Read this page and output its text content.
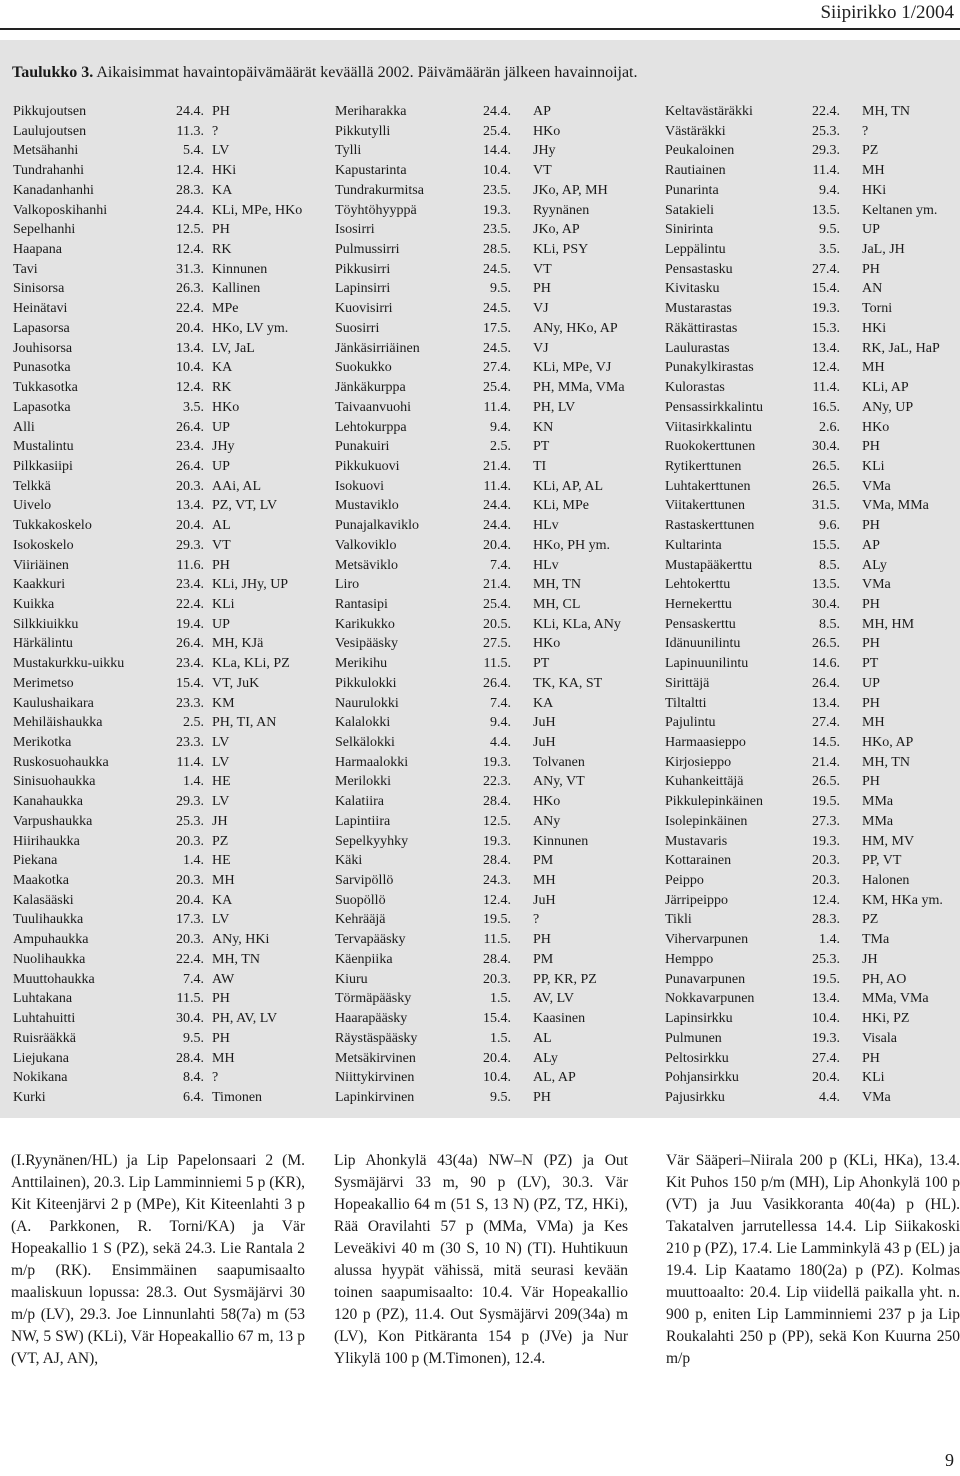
Siipirikko 1/2004
Taulukko 3. Aikaisimmat havaintopäivämäärät keväällä 2002. Päivämäärän jälkeen havainnoijat.
Pikkujoutsen	24.4. PH
Laulujoutsen	11.3. ?
Metsähanhi	5.4. LV
Tundrahanhi	12.4. HKi
Kanadanhanhi	28.3. KA
Valkoposkihanhi	24.4. KLi, MPe, HKo
Sepelhanhi	12.5. PH
Haapana	12.4. RK
Tavi	31.3. Kinnunen
Sinisorsa	26.3. Kallinen
Heinätavi	22.4. MPe
Lapasorsa	20.4. HKo, LV ym.
Jouhisorsa	13.4. LV, JaL
Punasotka	10.4. KA
Tukkasotka	12.4. RK
Lapasotka	3.5. HKo
Alli	26.4. UP
Mustalintu	23.4. JHy
Pilkkasiipi	26.4. UP
Telkkä	20.3. AAi, AL
Uivelo	13.4. PZ, VT, LV
Tukkakoskelo	20.4. AL
Isokoskelo	29.3. VT
Viiriäinen	11.6. PH
Kaakkuri	23.4. KLi, JHy, UP
Kuikka	22.4. KLi
Silkkiuikku	19.4. UP
Härkälintu	26.4. MH, KJä
Mustakurkku-uikku	23.4. KLa, KLi, PZ
Merimetso	15.4. VT, JuK
Kaulushaikara	23.3. KM
Mehiläishaukka	2.5. PH, TI, AN
Merikotka	23.3. LV
Ruskosuohaukka	11.4. LV
Sinisuohaukka	1.4. HE
Kanahaukka	29.3. LV
Varpushaukka	25.3. JH
Hiirihaukka	20.3. PZ
Piekana	1.4. HE
Maakotka	20.3. MH
Kalasääski	20.4. KA
Tuulihaukka	17.3. LV
Ampuhaukka	20.3. ANy, HKi
Nuolihaukka	22.4. MH, TN
Muuttohaukka	7.4. AW
Luhtakana	11.5. PH
Luhtahuitti	30.4. PH, AV, LV
Ruisrääkkä	9.5. PH
Liejukana	28.4. MH
Nokikana	8.4. ?
Kurki	6.4. Timonen
Meriharakka	24.4. AP
Pikkutylli	25.4. HKo
Tylli	14.4. JHy
Kapustarinta	10.4. VT
Tundrakurmitsa	23.5. JKo, AP, MH
Töyhtöhyyppä	19.3. Ryynänen
Isosirri	23.5. JKo, AP
Pulmussirri	28.5. KLi, PSY
Pikkusirri	24.5. VT
Lapinsirri	9.5. PH
Kuovisirri	24.5. VJ
Suosirri	17.5. ANy, HKo, AP
Jänkäsirriäinen	24.5. VJ
Suokukko	27.4. KLi, MPe, VJ
Jänkäkurppa	25.4. PH, MMa, VMa
Taivaanvuohi	11.4. PH, LV
Lehtokurppa	9.4. KN
Punakuiri	2.5. PT
Pikkukuovi	21.4. TI
Isokuovi	11.4. KLi, AP, AL
Mustaviklo	24.4. KLi, MPe
Punajalkaviklo	24.4. HLv
Valkoviklo	20.4. HKo, PH ym.
Metsäviklo	7.4. HLv
Liro	21.4. MH, TN
Rantasipi	25.4. MH, CL
Karikukko	20.5. KLi, KLa, ANy
Vesipääsky	27.5. HKo
Merikihu	11.5. PT
Pikkulokki	26.4. TK, KA, ST
Naurulokki	7.4. KA
Kalalokki	9.4. JuH
Selkälokki	4.4. JuH
Harmaalokki	19.3. Tolvanen
Merilokki	22.3. ANy, VT
Kalatiira	28.4. HKo
Lapintiira	12.5. ANy
Sepelkyyhky	19.3. Kinnunen
Käki	28.4. PM
Sarvipöllö	24.3. MH
Suopöllö	12.4. JuH
Kehrääjä	19.5. ?
Tervapääsky	11.5. PH
Käenpiika	28.4. PM
Kiuru	20.3. PP, KR, PZ
Törmäpääsky	1.5. AV, LV
Haarapääsky	15.4. Kaasinen
Räystäspääsky	1.5. AL
Metsäkirvinen	20.4. ALy
Niittykirvinen	10.4. AL, AP
Lapinkirvinen	9.5. PH
Keltavästäräkki	22.4. MH, TN
Västäräkki	25.3. ?
Peukaloinen	29.3. PZ
Rautiainen	11.4. MH
Punarinta	9.4. HKi
Satakieli	13.5. Keltanen ym.
Sinirinta	9.5. UP
Leppälintu	3.5. JaL, JH
Pensastasku	27.4. PH
Kivitasku	15.4. AN
Mustarastas	19.3. Torni
Räkättirastas	15.3. HKi
Laulurastas	13.4. RK, JaL, HaP
Punakylkirastas	12.4. MH
Kulorastas	11.4. KLi, AP
Pensassirkkalintu	16.5. ANy, UP
Viitasirkkalintu	2.6. HKo
Ruokokerttunen	30.4. PH
Rytikerttunen	26.5. KLi
Luhtakerttunen	26.5. VMa
Viitakerttunen	31.5. VMa, MMa
Rastaskerttunen	9.6. PH
Kultarinta	15.5. AP
Mustapääkerttu	8.5. ALy
Lehtokerttu	13.5. VMa
Hernekerttu	30.4. PH
Pensaskerttu	8.5. MH, HM
Idänuunilintu	26.5. PH
Lapinuunilintu	14.6. PT
Sirittäjä	26.4. UP
Tiltaltti	13.4. PH
Pajulintu	27.4. MH
Harmaasieppo	14.5. HKo, AP
Kirjosieppo	21.4. MH, TN
Kuhankeittäjä	26.5. PH
Pikkulepinkäinen	19.5. MMa
Isolepinkäinen	27.3. MMa
Mustavaris	19.3. HM, MV
Kottarainen	20.3. PP, VT
Peippo	20.3. Halonen
Järripeippo	12.4. KM, HKa ym.
Tikli	28.3. PZ
Vihervarpunen	1.4. TMa
Hemppo	25.3. JH
Punavarpunen	19.5. PH, AO
Nokkavarpunen	13.4. MMa, VMa
Lapinsirkku	10.4. HKi, PZ
Pulmunen	19.3. Visala
Peltosirkku	27.4. PH
Pohjansirkku	20.4. KLi
Pajusirkku	4.4. VMa
(I.Ryynänen/HL) ja Lip Papelonsaari 2 (M. Anttilainen), 20.3. Lip Lamminniemi 5 p (KR), Kit Kiteenjärvi 2 p (MPe), Kit Kiteenlahti 3 p (A. Parkkonen, R. Torni/KA) ja Vär Hopeakallio 1 S (PZ), sekä 24.3. Lie Rantala 2 m/p (RK). Ensimmäinen saapumisaalto maaliskuun lopussa: 28.3. Out Sysmäjärvi 30 m/p (LV), 29.3. Joe Linnunlahti 58(7a) m (53 NW, 5 SW) (KLi), Vär Hopeakallio 67 m, 13 p (VT, AJ, AN),
Lip Ahonkylä 43(4a) NW–N (PZ) ja Out Sysmäjärvi 33 m, 90 p (LV), 30.3. Vär Hopeakallio 64 m (51 S, 13 N) (PZ, TZ, HKi), Rää Oravilahti 57 p (MMa, VMa) ja Kes Leveäkivi 40 m (30 S, 10 N) (TI). Huhtikuun alussa hyypät vähissä, mitä seurasi kevään toinen saapumisaalto: 10.4. Vär Hopeakallio 120 p (PZ), 11.4. Out Sysmäjärvi 209(34a) m (LV), Kon Pitkäranta 154 p (JVe) ja Nur Ylikylä 100 p (M.Timonen), 12.4.
Vär Sääperi–Niirala 200 p (KLi, HKa), 13.4. Kit Puhos 150 p/m (MH), Lip Ahonkylä 100 p (VT) ja Juu Vasikkoranta 40(4a) p (HL). Takatalven jarrutellessa 14.4. Lip Siikakoski 210 p (PZ), 17.4. Lie Lamminkylä 43 p (EL) ja 19.4. Lip Kaatamo 180(2a) p (PZ). Kolmas muuttoaalto: 20.4. Lip viidellä paikalla yht. n. 900 p, eniten Lip Lamminniemi 237 p ja Lip Roukalahti 250 p (PP), sekä Kon Kuurna 250 m/p
9
